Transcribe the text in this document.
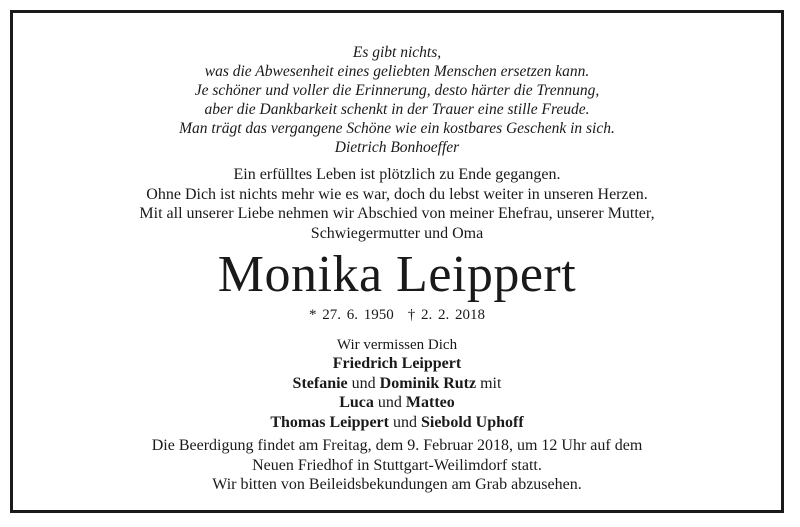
Es gibt nichts,
was die Abwesenheit eines geliebten Menschen ersetzen kann.
Je schöner und voller die Erinnerung, desto härter die Trennung,
aber die Dankbarkeit schenkt in der Trauer eine stille Freude.
Man trägt das vergangene Schöne wie ein kostbares Geschenk in sich.
Dietrich Bonhoeffer
Ein erfülltes Leben ist plötzlich zu Ende gegangen.
Ohne Dich ist nichts mehr wie es war, doch du lebst weiter in unseren Herzen.
Mit all unserer Liebe nehmen wir Abschied von meiner Ehefrau, unserer Mutter,
Schwiegermutter und Oma
Monika Leippert
* 27. 6. 1950 † 2. 2. 2018
Wir vermissen Dich
Friedrich Leippert
Stefanie und Dominik Rutz mit
Luca und Matteo
Thomas Leippert und Siebold Uphoff
Die Beerdigung findet am Freitag, dem 9. Februar 2018, um 12 Uhr auf dem
Neuen Friedhof in Stuttgart-Weilimdorf statt.
Wir bitten von Beileidsbekundungen am Grab abzusehen.
